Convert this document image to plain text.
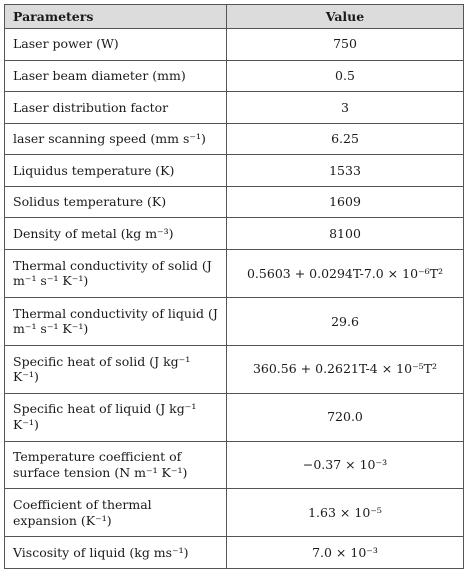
Parameters	Value
Laser power (W)	750
Laser beam diameter (mm)	0.5
Laser distribution factor	3
laser scanning speed (mm s⁻¹)	6.25
Liquidus temperature (K)	1533
Solidus temperature (K)	1609
Density of metal (kg m⁻³)	8100
Thermal conductivity of solid (J m⁻¹ s⁻¹ K⁻¹)	0.5603 + 0.0294T-7.0 × 10⁻⁶T²
Thermal conductivity of liquid (J m⁻¹ s⁻¹ K⁻¹)	29.6
Specific heat of solid (J kg⁻¹ K⁻¹)	360.56 + 0.2621T-4 × 10⁻⁵T²
Specific heat of liquid (J kg⁻¹ K⁻¹)	720.0
Temperature coefficient of surface tension (N m⁻¹ K⁻¹)	−0.37 × 10⁻³
Coefficient of thermal expansion (K⁻¹)	1.63 × 10⁻⁵
Viscosity of liquid (kg ms⁻¹)	7.0 × 10⁻³
